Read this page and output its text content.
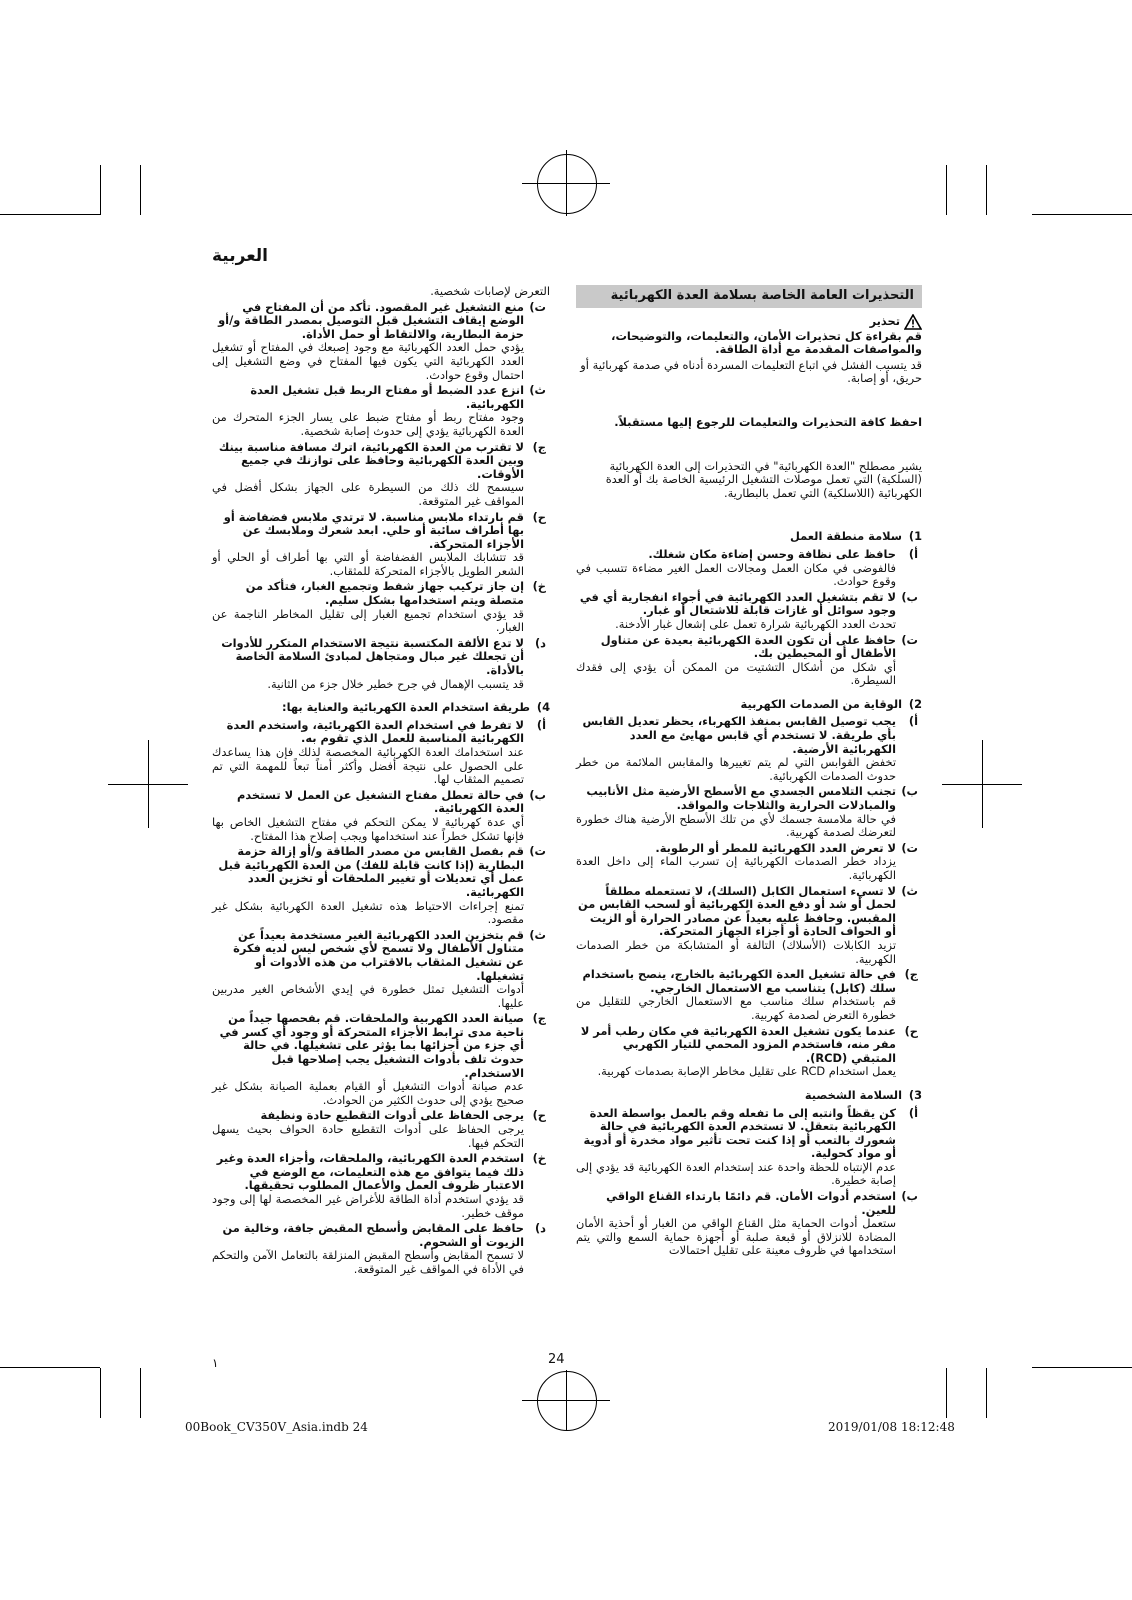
العربية
التحذيرات العامة الخاصة بسلامة العدة الكهربائية
تحذير
قم بقراءة كل تحذيرات الأمان، والتعليمات، والتوضيحات، والمواصفات المقدمة مع أداة الطاقة.
قد يتسبب الفشل في اتباع التعليمات المسردة أدناه في صدمة كهربائية أو حريق، أو إصابة.
احفظ كافة التحذيرات والتعليمات للرجوع إليها مستقبلاً.
يشير مصطلح "العدة الكهربائية" في التحذيرات إلى العدة الكهربائية (السلكية) التي تعمل موصلات التشغيل الرئيسية الخاصة بك أو العدة الكهربائية (اللاسلكية) التي تعمل بالبطارية.
1)سلامة منطقة العمل
أ)
حافظ على نظافة وحسن إضاءة مكان شغلك.
فالفوضى في مكان العمل ومجالات العمل الغير مضاءة تتسبب في وقوع حوادث.
ب)
لا تقم بتشغيل العدد الكهربائية في أجواء انفجارية أي في وجود سوائل أو غازات قابلة للاشتعال أو غبار.
تحدث العدد الكهربائية شرارة تعمل على إشعال غبار الأدخنة.
ت)
حافظ على أن تكون العدة الكهربائية بعيدة عن متناول الأطفال أو المحيطين بك.
أي شكل من أشكال التشتيت من الممكن أن يؤدي إلى فقدك السيطرة.
2)الوقاية من الصدمات الكهربية
أ)
يجب توصيل القابس بمنفذ الكهرباء، يحظر تعديل القابس بأي طريقة. لا تستخدم أي قابس مهايئ مع العدد الكهربائية الأرضية.
تخفض القوابس التي لم يتم تغييرها والمقابس الملائمة من خطر حدوث الصدمات الكهربائية.
ب)
تجنب التلامس الجسدي مع الأسطح الأرضية مثل الأنابيب والمبادلات الحرارية والثلاجات والمواقد.
في حالة ملامسة جسمك لأي من تلك الأسطح الأرضية هناك خطورة لتعرضك لصدمة كهربية.
ت)
لا تعرض العدد الكهربائية للمطر أو الرطوبة.
يزداد خطر الصدمات الكهربائية إن تسرب الماء إلى داخل العدة الكهربائية.
ث)
لا تسيء استعمال الكابل (السلك)، لا تستعمله مطلقاً لحمل أو شد أو دفع العدة الكهربائية أو لسحب القابس من المقبس. وحافظ عليه بعيداً عن مصادر الحرارة أو الزيت أو الحواف الحادة أو أجزاء الجهاز المتحركة.
تزيد الكابلات (الأسلاك) التالفة أو المتشابكة من خطر الصدمات الكهربية.
ج)
في حالة تشغيل العدة الكهربائية بالخارج، ينصح باستخدام سلك (كابل) يتناسب مع الاستعمال الخارجي.
قم باستخدام سلك مناسب مع الاستعمال الخارجي للتقليل من خطورة التعرض لصدمة كهربية.
ح)
عندما يكون تشغيل العدة الكهربائية في مكان رطب أمر لا مفر منه، فاستخدم المزود المحمي للتيار الكهربي المتبقي (RCD).
يعمل استخدام RCD على تقليل مخاطر الإصابة بصدمات كهربية.
3)السلامة الشخصية
أ)
كن يقظاً وانتبه إلى ما تفعله وقم بالعمل بواسطة العدة الكهربائية بتعقل. لا تستخدم العدة الكهربائية في حالة شعورك بالتعب أو إذا كنت تحت تأثير مواد مخدرة أو أدوية أو مواد كحولية.
عدم الإنتباه للحظة واحدة عند إستخدام العدة الكهربائية قد يؤدي إلى إصابة خطيرة.
ب)
استخدم أدوات الأمان. قم دائمًا بارتداء القناع الواقي للعين.
ستعمل أدوات الحماية مثل القناع الواقي من الغبار أو أحذية الأمان المضادة للانزلاق أو قبعة صلبة أو أجهزة حماية السمع والتي يتم استخدامها في ظروف معينة على تقليل احتمالات
التعرض لإصابات شخصية.
ت)
منع التشغيل غير المقصود. تأكد من أن المفتاح في الوضع إيقاف التشغيل قبل التوصيل بمصدر الطاقة و/أو حزمة البطارية، والالتقاط أو حمل الأداة.
يؤدي حمل العدد الكهربائية مع وجود إصبعك في المفتاح أو تشغيل العدد الكهربائية التي يكون فيها المفتاح في وضع التشغيل إلى احتمال وقوع حوادث.
ث)
انزع عدد الضبط أو مفتاح الربط قبل تشغيل العدة الكهربائية.
وجود مفتاح ربط أو مفتاح ضبط على يسار الجزء المتحرك من العدة الكهربائية يؤدي إلى حدوث إصابة شخصية.
ج)
لا تقترب من العدة الكهربائية، اترك مسافة مناسبة بينك وبين العدة الكهربائية وحافظ على توازنك في جميع الأوقات.
سيسمح لك ذلك من السيطرة على الجهاز بشكل أفضل في المواقف غير المتوقعة.
ح)
قم بارتداء ملابس مناسبة. لا ترتدي ملابس فضفاضة أو بها أطراف سائبة أو حلي. ابعد شعرك وملابسك عن الأجزاء المتحركة.
قد تتشابك الملابس الفضفاضة أو التي بها أطراف أو الحلي أو الشعر الطويل بالأجزاء المتحركة للمثقاب.
خ)
إن جاز تركيب جهاز شفط وتجميع الغبار، فتأكد من متصلة ويتم استخدامها بشكل سليم.
قد يؤدي استخدام تجميع الغبار إلى تقليل المخاطر الناجمة عن الغبار.
د)
لا تدع الألفة المكتسبة نتيجة الاستخدام المتكرر للأدوات أن تجعلك غير مبال ومتجاهل لمبادئ السلامة الخاصة بالأداة.
قد يتسبب الإهمال في جرح خطير خلال جزء من الثانية.
4)طريقة استخدام العدة الكهربائية والعناية بها:
أ)
لا تفرط في استخدام العدة الكهربائية، واستخدم العدة الكهربائية المناسبة للعمل الذي تقوم به.
عند استخدامك العدة الكهربائية المخصصة لذلك فإن هذا يساعدك على الحصول على نتيجة أفضل وأكثر أمناً تبعاً للمهمة التي تم تصميم المثقاب لها.
ب)
في حالة تعطل مفتاح التشغيل عن العمل لا تستخدم العدة الكهربائية.
أي عدة كهربائية لا يمكن التحكم في مفتاح التشغيل الخاص بها فإنها تشكل خطراً عند استخدامها ويجب إصلاح هذا المفتاح.
ت)
قم بفصل القابس من مصدر الطاقة و/أو إزالة حزمة البطارية (إذا كانت قابلة للفك) من العدة الكهربائية قبل عمل أي تعديلات أو تغيير الملحقات أو تخزين العدد الكهربائية.
تمنع إجراءات الاحتياط هذه تشغيل العدة الكهربائية بشكل غير مقصود.
ث)
قم بتخزين العدد الكهربائية الغير مستخدمة بعيداً عن متناول الأطفال ولا تسمح لأي شخص ليس لديه فكرة عن تشغيل المثقاب بالاقتراب من هذه الأدوات أو تشغيلها.
أدوات التشغيل تمثل خطورة في إيدي الأشخاص الغير مدربين عليها.
ج)
صيانة العدد الكهربية والملحقات. قم بفحصها جيداً من ناحية مدى ترابط الأجزاء المتحركة أو وجود أي كسر في أي جزء من أجزائها بما يؤثر على تشغيلها. في حالة حدوث تلف بأدوات التشغيل يجب إصلاحها قبل الاستخدام.
عدم صيانة أدوات التشغيل أو القيام بعملية الصيانة بشكل غير صحيح يؤدي إلى حدوث الكثير من الحوادث.
ح)
يرجى الحفاظ على أدوات التقطيع حادة ونظيفة
يرجى الحفاظ على أدوات التقطيع حادة الحواف بحيث يسهل التحكم فيها.
خ)
استخدم العدة الكهربائية، والملحقات، وأجزاء العدة وغير ذلك فيما يتوافق مع هذه التعليمات، مع الوضع في الاعتبار ظروف العمل والأعمال المطلوب تحقيقها.
قد يؤدي استخدم أداة الطاقة للأغراض غير المخصصة لها إلى وجود موقف خطير.
د)
حافظ على المقابض وأسطح المقبض جافة، وخالية من الزيوت أو الشحوم.
لا تسمح المقابض وأسطح المقبض المنزلقة بالتعامل الآمن والتحكم في الأداة في المواقف غير المتوقعة.
١	24
00Book_CV350V_Asia.indb 24	2019/01/08 18:12:48
